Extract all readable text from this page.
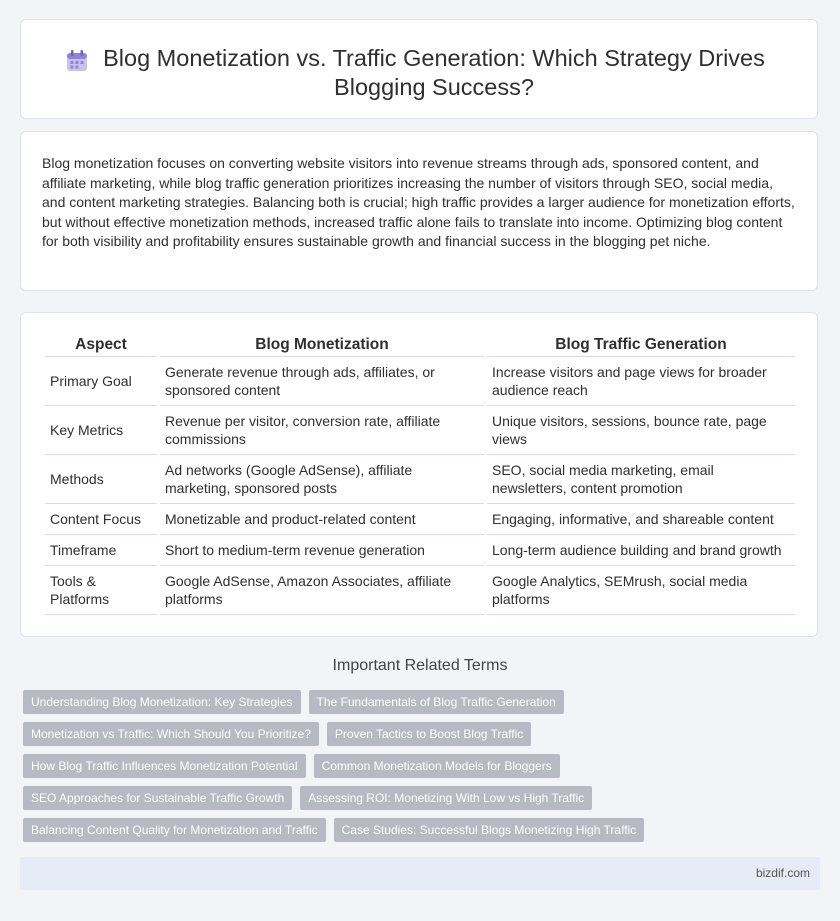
Blog Monetization vs. Traffic Generation: Which Strategy Drives Blogging Success?
Blog monetization focuses on converting website visitors into revenue streams through ads, sponsored content, and affiliate marketing, while blog traffic generation prioritizes increasing the number of visitors through SEO, social media, and content marketing strategies. Balancing both is crucial; high traffic provides a larger audience for monetization efforts, but without effective monetization methods, increased traffic alone fails to translate into income. Optimizing blog content for both visibility and profitability ensures sustainable growth and financial success in the blogging pet niche.
Aspect	Blog Monetization	Blog Traffic Generation
Primary Goal	Generate revenue through ads, affiliates, or sponsored content	Increase visitors and page views for broader audience reach
Key Metrics	Revenue per visitor, conversion rate, affiliate commissions	Unique visitors, sessions, bounce rate, page views
Methods	Ad networks (Google AdSense), affiliate marketing, sponsored posts	SEO, social media marketing, email newsletters, content promotion
Content Focus	Monetizable and product-related content	Engaging, informative, and shareable content
Timeframe	Short to medium-term revenue generation	Long-term audience building and brand growth
Tools & Platforms	Google AdSense, Amazon Associates, affiliate platforms	Google Analytics, SEMrush, social media platforms
Important Related Terms
Understanding Blog Monetization: Key Strategies	The Fundamentals of Blog Traffic Generation
Monetization vs Traffic: Which Should You Prioritize?	Proven Tactics to Boost Blog Traffic
How Blog Traffic Influences Monetization Potential	Common Monetization Models for Bloggers
SEO Approaches for Sustainable Traffic Growth	Assessing ROI: Monetizing With Low vs High Traffic
Balancing Content Quality for Monetization and Traffic	Case Studies: Successful Blogs Monetizing High Traffic
bizdif.com
